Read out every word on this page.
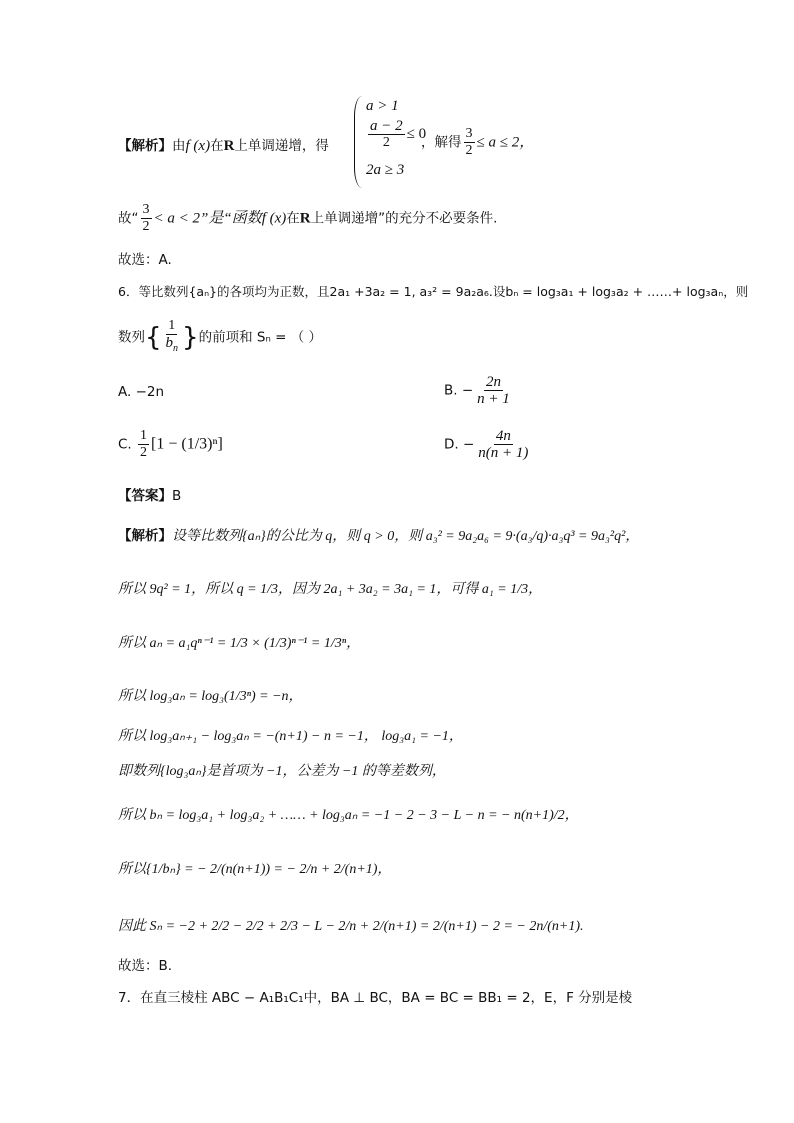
【解析】由f (x)在R上单调递增，得
a > 1
$\frac{a - 2}{2} \le 0$
2a ≥ 3
，解得 $\frac{3}{2} \le a \le 2$，
故“ $\frac{3}{2} < a < 2$”是“函数f (x)在R上单调递增”的充分不必要条件.
故选：A.
6．等比数列{aₙ}的各项均为正数，且2a₁ +3a₂ = 1, a₃² = 9a₂a₆.设bₙ = log₃a₁ + log₃a₂ + ……+ log₃aₙ，则
数列{ $\frac{1}{b_n}$ }的前项和 Sₙ = （ ）
A. −2n	B. − $\frac{2n}{n + 1}$
C. $\frac{1}{2} [1 - (1/3)^n]$	D. − $\frac{4n}{n(n + 1)}$
【答案】B
【解析】设等比数列{aₙ}的公比为 q，则 q > 0，则 a₃² = 9a₂a₆ = 9·(a₃/q)·a₃q³ = 9a₃²q²，
所以 9q² = 1，所以 q = 1/3，因为 2a₁ + 3a₂ = 3a₁ = 1，可得 a₁ = 1/3，
所以 aₙ = a₁qⁿ⁻¹ = 1/3 × (1/3)ⁿ⁻¹ = 1/3ⁿ，
所以 log₃aₙ = log₃(1/3ⁿ) = −n，
所以 log₃aₙ₊₁ − log₃aₙ = −(n+1) − n = −1， log₃a₁ = −1，
即数列{log₃aₙ}是首项为 −1，公差为 −1 的等差数列，
所以 bₙ = log₃a₁ + log₃a₂ + …… + log₃aₙ = −1 − 2 − 3 − L − n = − n(n+1)/2，
所以{1/bₙ} = − 2/(n(n+1)) = − 2/n + 2/(n+1)，
因此 Sₙ = −2 + 2/2 − 2/2 + 2/3 − L − 2/n + 2/(n+1) = 2/(n+1) − 2 = − 2n/(n+1).
故选：B.
7．在直三棱柱 ABC − A₁B₁C₁中，BA ⊥ BC，BA = BC = BB₁ = 2，E，F 分别是棱
